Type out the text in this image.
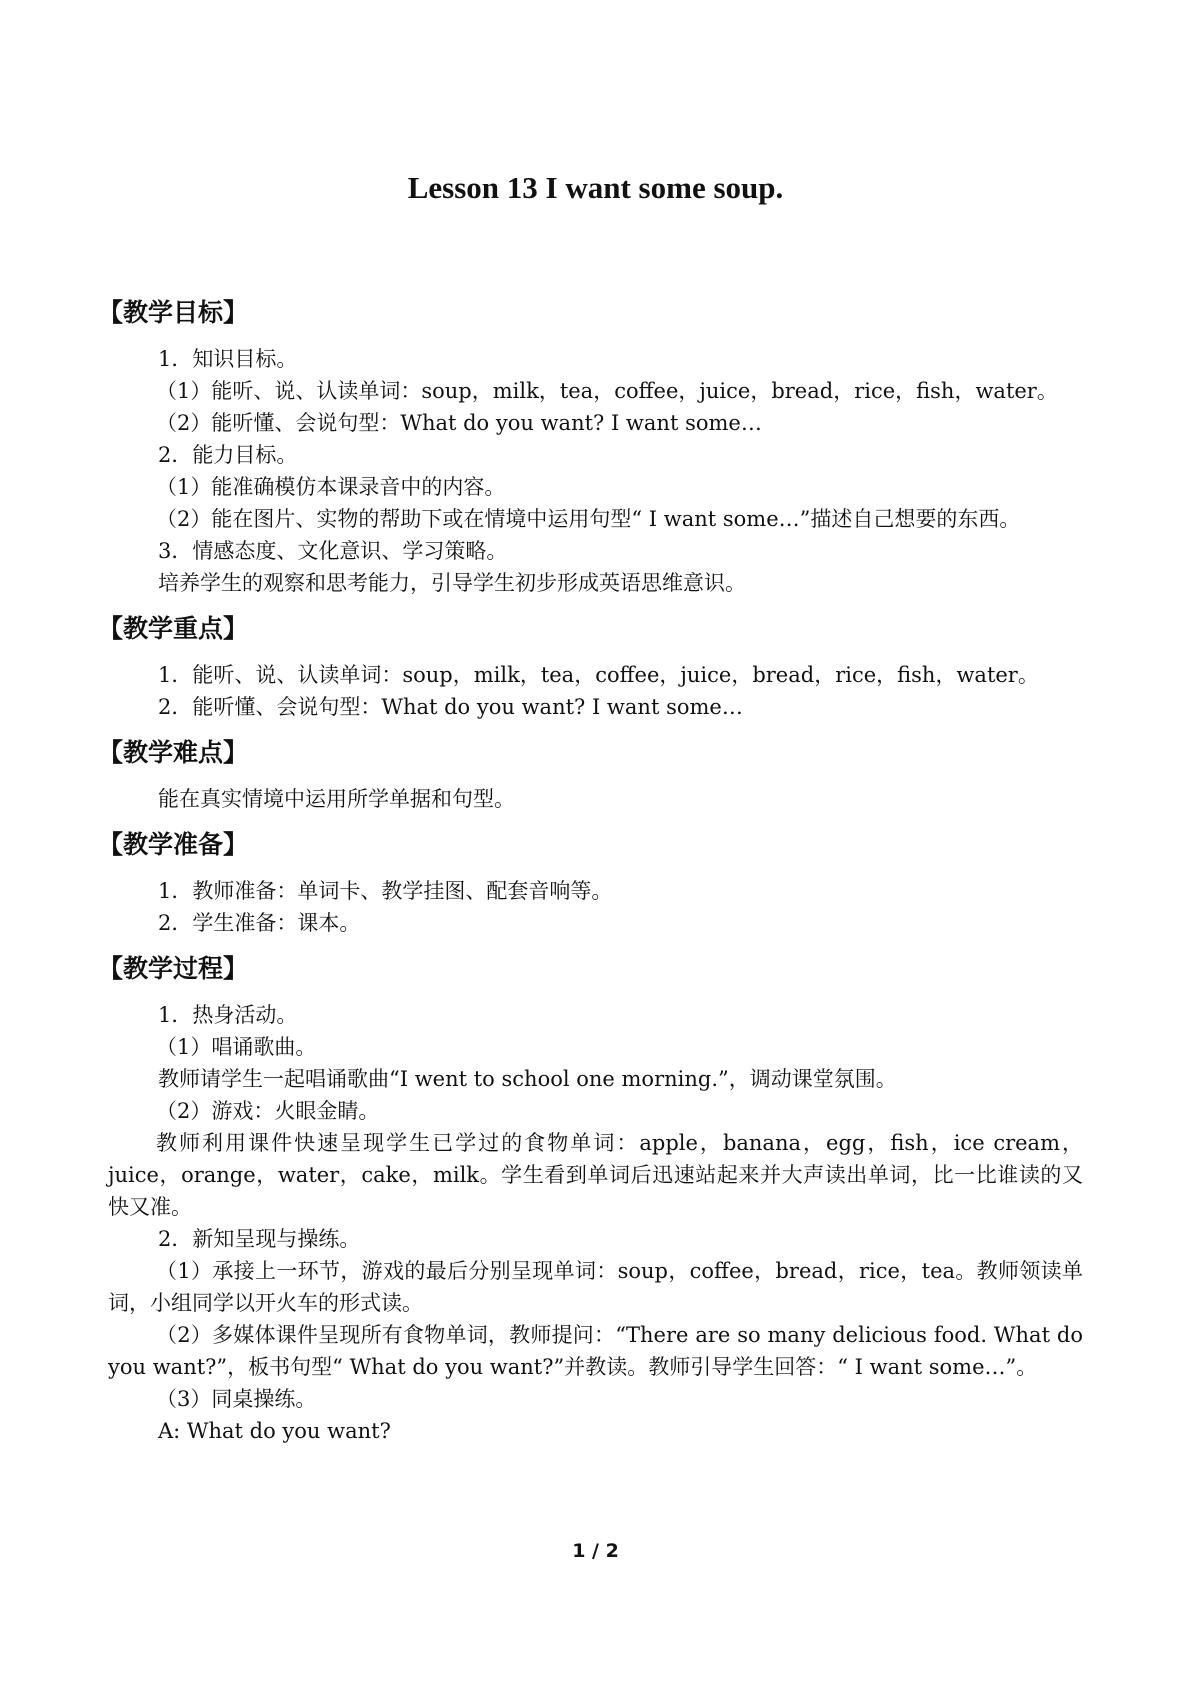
Lesson 13 I want some soup.

【教学目标】

1．知识目标。

（1）能听、说、认读单词：soup，milk，tea，coffee，juice，bread，rice，fish，water。

（2）能听懂、会说句型：What do you want? I want some…

2．能力目标。

（1）能准确模仿本课录音中的内容。

（2）能在图片、实物的帮助下或在情境中运用句型“ I want some…”描述自己想要的东西。

3．情感态度、文化意识、学习策略。

培养学生的观察和思考能力，引导学生初步形成英语思维意识。

【教学重点】

1．能听、说、认读单词：soup，milk，tea，coffee，juice，bread，rice，fish，water。

2．能听懂、会说句型：What do you want? I want some…

【教学难点】

能在真实情境中运用所学单据和句型。

【教学准备】

1．教师准备：单词卡、教学挂图、配套音响等。

2．学生准备：课本。

【教学过程】

1．热身活动。

（1）唱诵歌曲。

教师请学生一起唱诵歌曲“I went to school one morning.”，调动课堂氛围。

（2）游戏：火眼金睛。

教师利用课件快速呈现学生已学过的食物单词：apple，banana，egg，fish，ice cream，juice，orange，water，cake，milk。学生看到单词后迅速站起来并大声读出单词，比一比谁读的又快又准。

2．新知呈现与操练。

（1）承接上一环节，游戏的最后分别呈现单词：soup，coffee，bread，rice，tea。教师领读单词，小组同学以开火车的形式读。

（2）多媒体课件呈现所有食物单词，教师提问：“There are so many delicious food. What do you want?”，板书句型“ What do you want?”并教读。教师引导学生回答：“ I want some…”。

（3）同桌操练。

A: What do you want?

1 / 2
